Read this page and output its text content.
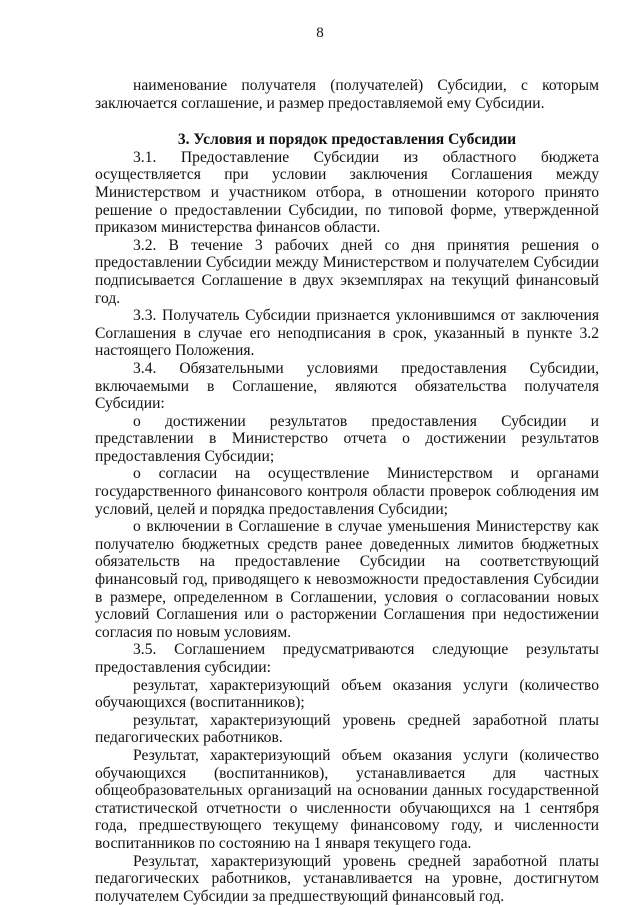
8

наименование получателя (получателей) Субсидии, с которым заключается соглашение, и размер предоставляемой ему Субсидии.

3. Условия и порядок предоставления Субсидии

3.1. Предоставление Субсидии из областного бюджета осуществляется при условии заключения Соглашения между Министерством и участником отбора, в отношении которого принято решение о предоставлении Субсидии, по типовой форме, утвержденной приказом министерства финансов области.

3.2. В течение 3 рабочих дней со дня принятия решения о предоставлении Субсидии между Министерством и получателем Субсидии подписывается Соглашение в двух экземплярах на текущий финансовый год.

3.3. Получатель Субсидии признается уклонившимся от заключения Соглашения в случае его неподписания в срок, указанный в пункте 3.2 настоящего Положения.

3.4. Обязательными условиями предоставления Субсидии, включаемыми в Соглашение, являются обязательства получателя Субсидии:

о достижении результатов предоставления Субсидии и представлении в Министерство отчета о достижении результатов предоставления Субсидии;

о согласии на осуществление Министерством и органами государственного финансового контроля области проверок соблюдения им условий, целей и порядка предоставления Субсидии;

о включении в Соглашение в случае уменьшения Министерству как получателю бюджетных средств ранее доведенных лимитов бюджетных обязательств на предоставление Субсидии на соответствующий финансовый год, приводящего к невозможности предоставления Субсидии в размере, определенном в Соглашении, условия о согласовании новых условий Соглашения или о расторжении Соглашения при недостижении согласия по новым условиям.

3.5. Соглашением предусматриваются следующие результаты предоставления субсидии:

результат, характеризующий объем оказания услуги (количество обучающихся (воспитанников);

результат, характеризующий уровень средней заработной платы педагогических работников.

Результат, характеризующий объем оказания услуги (количество обучающихся (воспитанников), устанавливается для частных общеобразовательных организаций на основании данных государственной статистической отчетности о численности обучающихся на 1 сентября года, предшествующего текущему финансовому году, и численности воспитанников по состоянию на 1 января текущего года.

Результат, характеризующий уровень средней заработной платы педагогических работников, устанавливается на уровне, достигнутом получателем Субсидии за предшествующий финансовый год.
